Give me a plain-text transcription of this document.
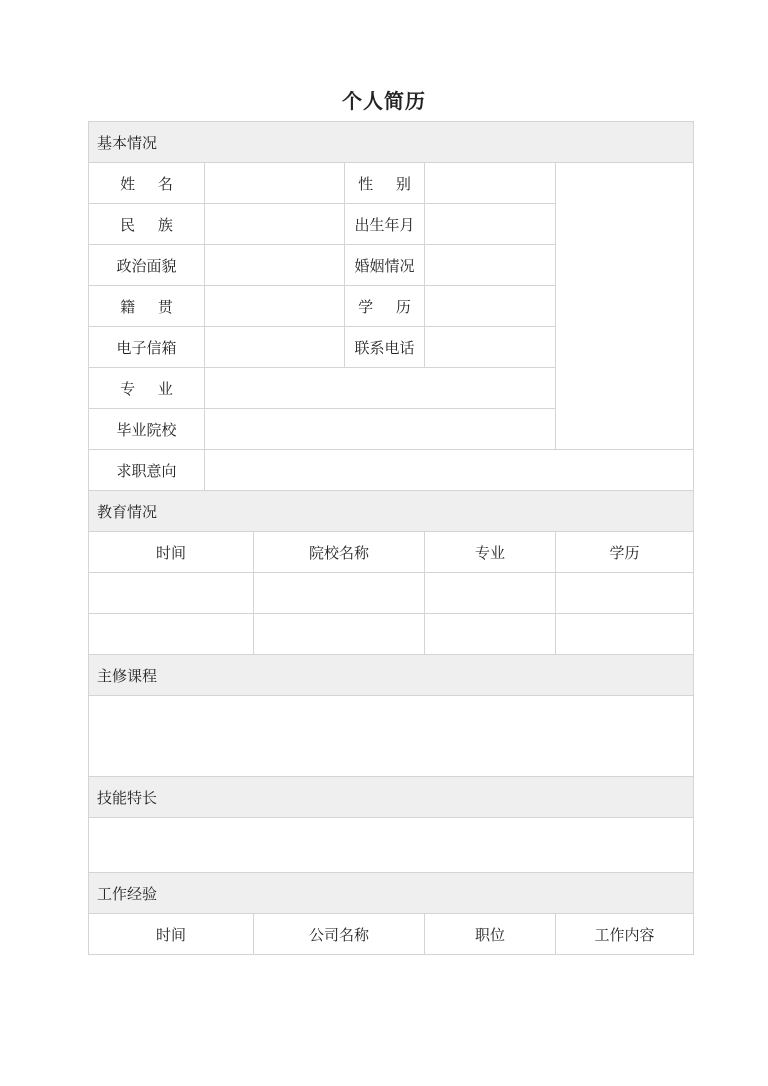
个人简历
基本情况					
姓 名			性 别		
民 族			出生年月		
政治面貌			婚姻情况		
籍 贯			学 历		
电子信箱			联系电话		
专 业					
毕业院校					
求职意向					
教育情况					
时间		院校名称		专业	学历

主修课程					

技能特长					

工作经验					
时间		公司名称		职位	工作内容
